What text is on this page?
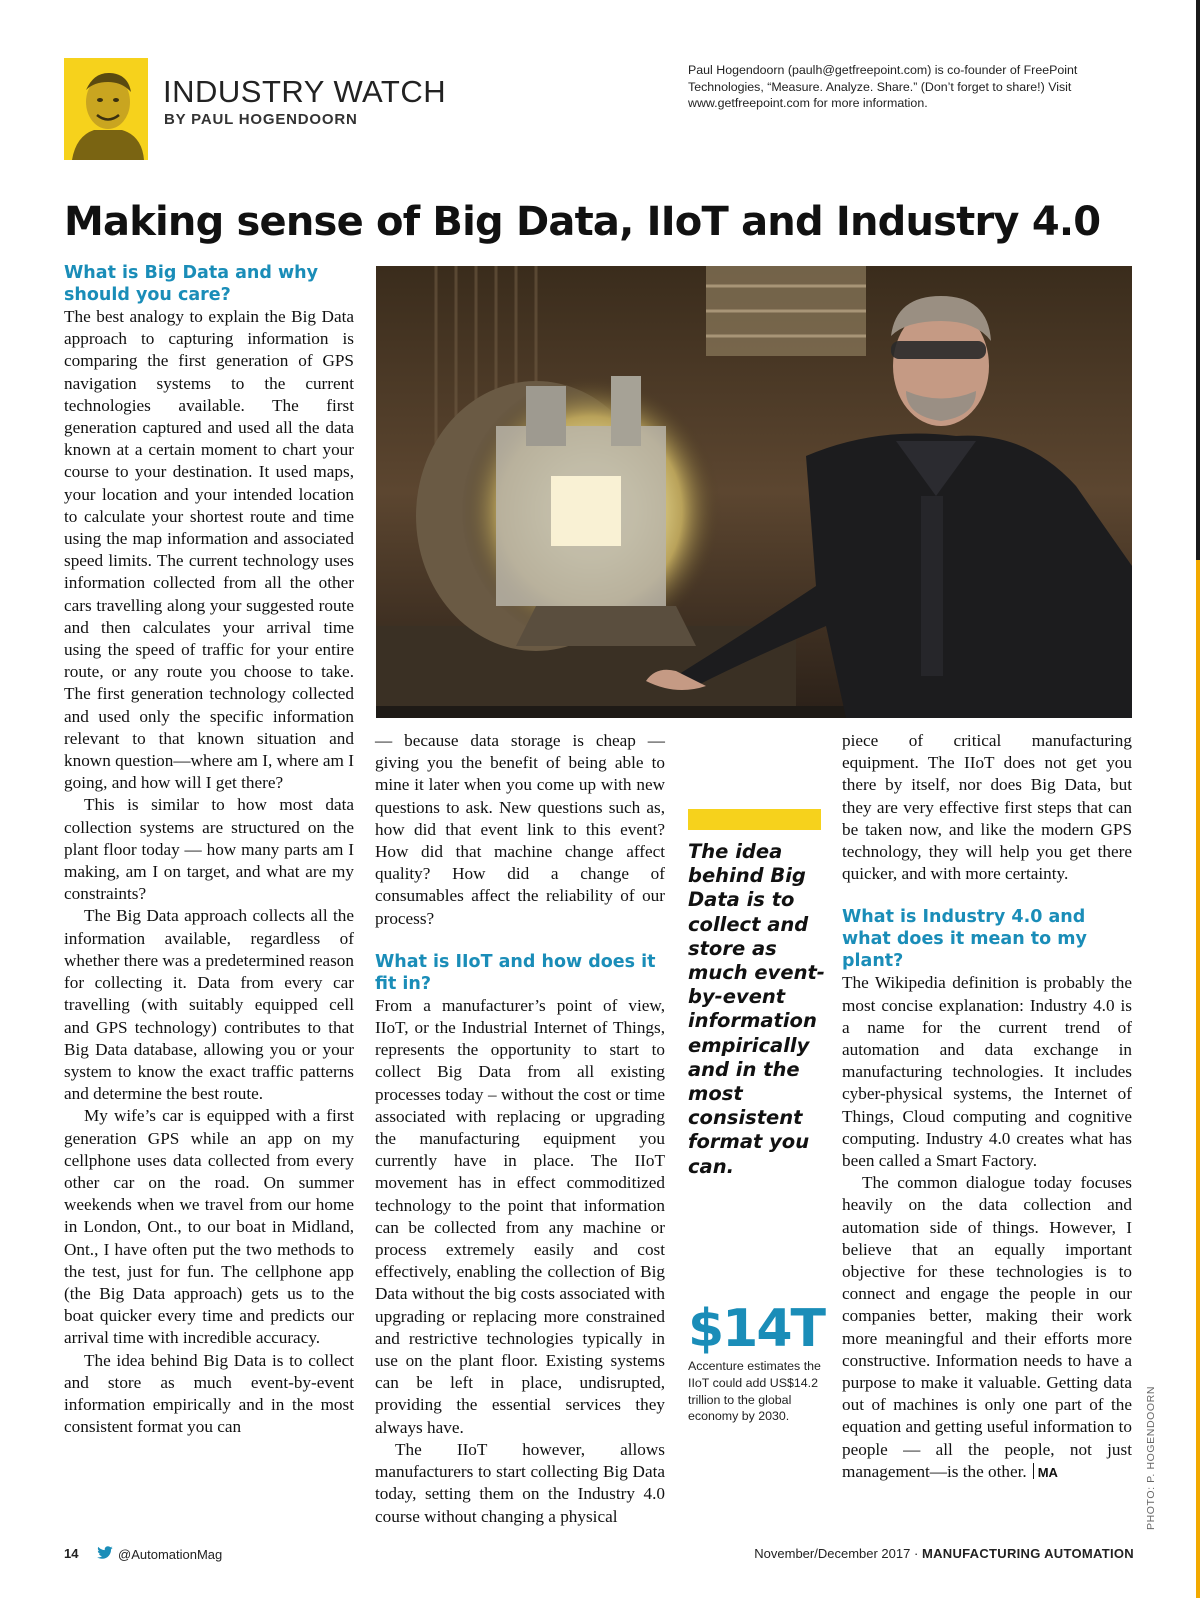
INDUSTRY WATCH
BY PAUL HOGENDOORN
Paul Hogendoorn (paulh@getfreepoint.com) is co-founder of FreePoint Technologies, “Measure. Analyze. Share.” (Don’t forget to share!) Visit www.getfreepoint.com for more information.
Making sense of Big Data, IIoT and Industry 4.0
What is Big Data and why should you care?

The best analogy to explain the Big Data approach to capturing information is comparing the first generation of GPS navigation systems to the current technologies available. The first generation captured and used all the data known at a certain moment to chart your course to your destination. It used maps, your location and your intended location to calculate your shortest route and time using the map information and associated speed limits. The current technology uses information collected from all the other cars travelling along your suggested route and then calculates your arrival time using the speed of traffic for your entire route, or any route you choose to take. The first generation technology collected and used only the specific information relevant to that known situation and known question—where am I, where am I going, and how will I get there?

This is similar to how most data collection systems are structured on the plant floor today — how many parts am I making, am I on target, and what are my constraints?

The Big Data approach collects all the information available, regardless of whether there was a predetermined reason for collecting it. Data from every car travelling (with suitably equipped cell and GPS technology) contributes to that Big Data database, allowing you or your system to know the exact traffic patterns and determine the best route.

My wife’s car is equipped with a first generation GPS while an app on my cellphone uses data collected from every other car on the road. On summer weekends when we travel from our home in London, Ont., to our boat in Midland, Ont., I have often put the two methods to the test, just for fun. The cellphone app (the Big Data approach) gets us to the boat quicker every time and predicts our arrival time with incredible accuracy.

The idea behind Big Data is to collect and store as much event-by-event information empirically and in the most consistent format you can

— because data storage is cheap — giving you the benefit of being able to mine it later when you come up with new questions to ask. New questions such as, how did that event link to this event? How did that machine change affect quality? How did a change of consumables affect the reliability of our process?

What is IIoT and how does it fit in?

From a manufacturer’s point of view, IIoT, or the Industrial Internet of Things, represents the opportunity to start to collect Big Data from all existing processes today – without the cost or time associated with replacing or upgrading the manufacturing equipment you currently have in place. The IIoT movement has in effect commoditized technology to the point that information can be collected from any machine or process extremely easily and cost effectively, enabling the collection of Big Data without the big costs associated with upgrading or replacing more constrained and restrictive technologies typically in use on the plant floor. Existing systems can be left in place, undisrupted, providing the essential services they always have.

The IIoT however, allows manufacturers to start collecting Big Data today, setting them on the Industry 4.0 course without changing a physical

The idea behind Big Data is to collect and store as much event-by-event information empirically and in the most consistent format you can.
$14T
Accenture estimates the IIoT could add US$14.2 trillion to the global economy by 2030.

piece of critical manufacturing equipment. The IIoT does not get you there by itself, nor does Big Data, but they are very effective first steps that can be taken now, and like the modern GPS technology, they will help you get there quicker, and with more certainty.

What is Industry 4.0 and what does it mean to my plant?

The Wikipedia definition is probably the most concise explanation: Industry 4.0 is a name for the current trend of automation and data exchange in manufacturing technologies. It includes cyber-physical systems, the Internet of Things, Cloud computing and cognitive computing. Industry 4.0 creates what has been called a Smart Factory.

The common dialogue today focuses heavily on the data collection and automation side of things. However, I believe that an equally important objective for these technologies is to connect and engage the people in our companies better, making their work more meaningful and their efforts more constructive. Information needs to have a purpose to make it valuable. Getting data out of machines is only one part of the equation and getting useful information to people — all the people, not just management—is the other. MA	PHOTO: P. HOGENDOORN
14	@AutomationMag	November/December 2017 · MANUFACTURING AUTOMATION
